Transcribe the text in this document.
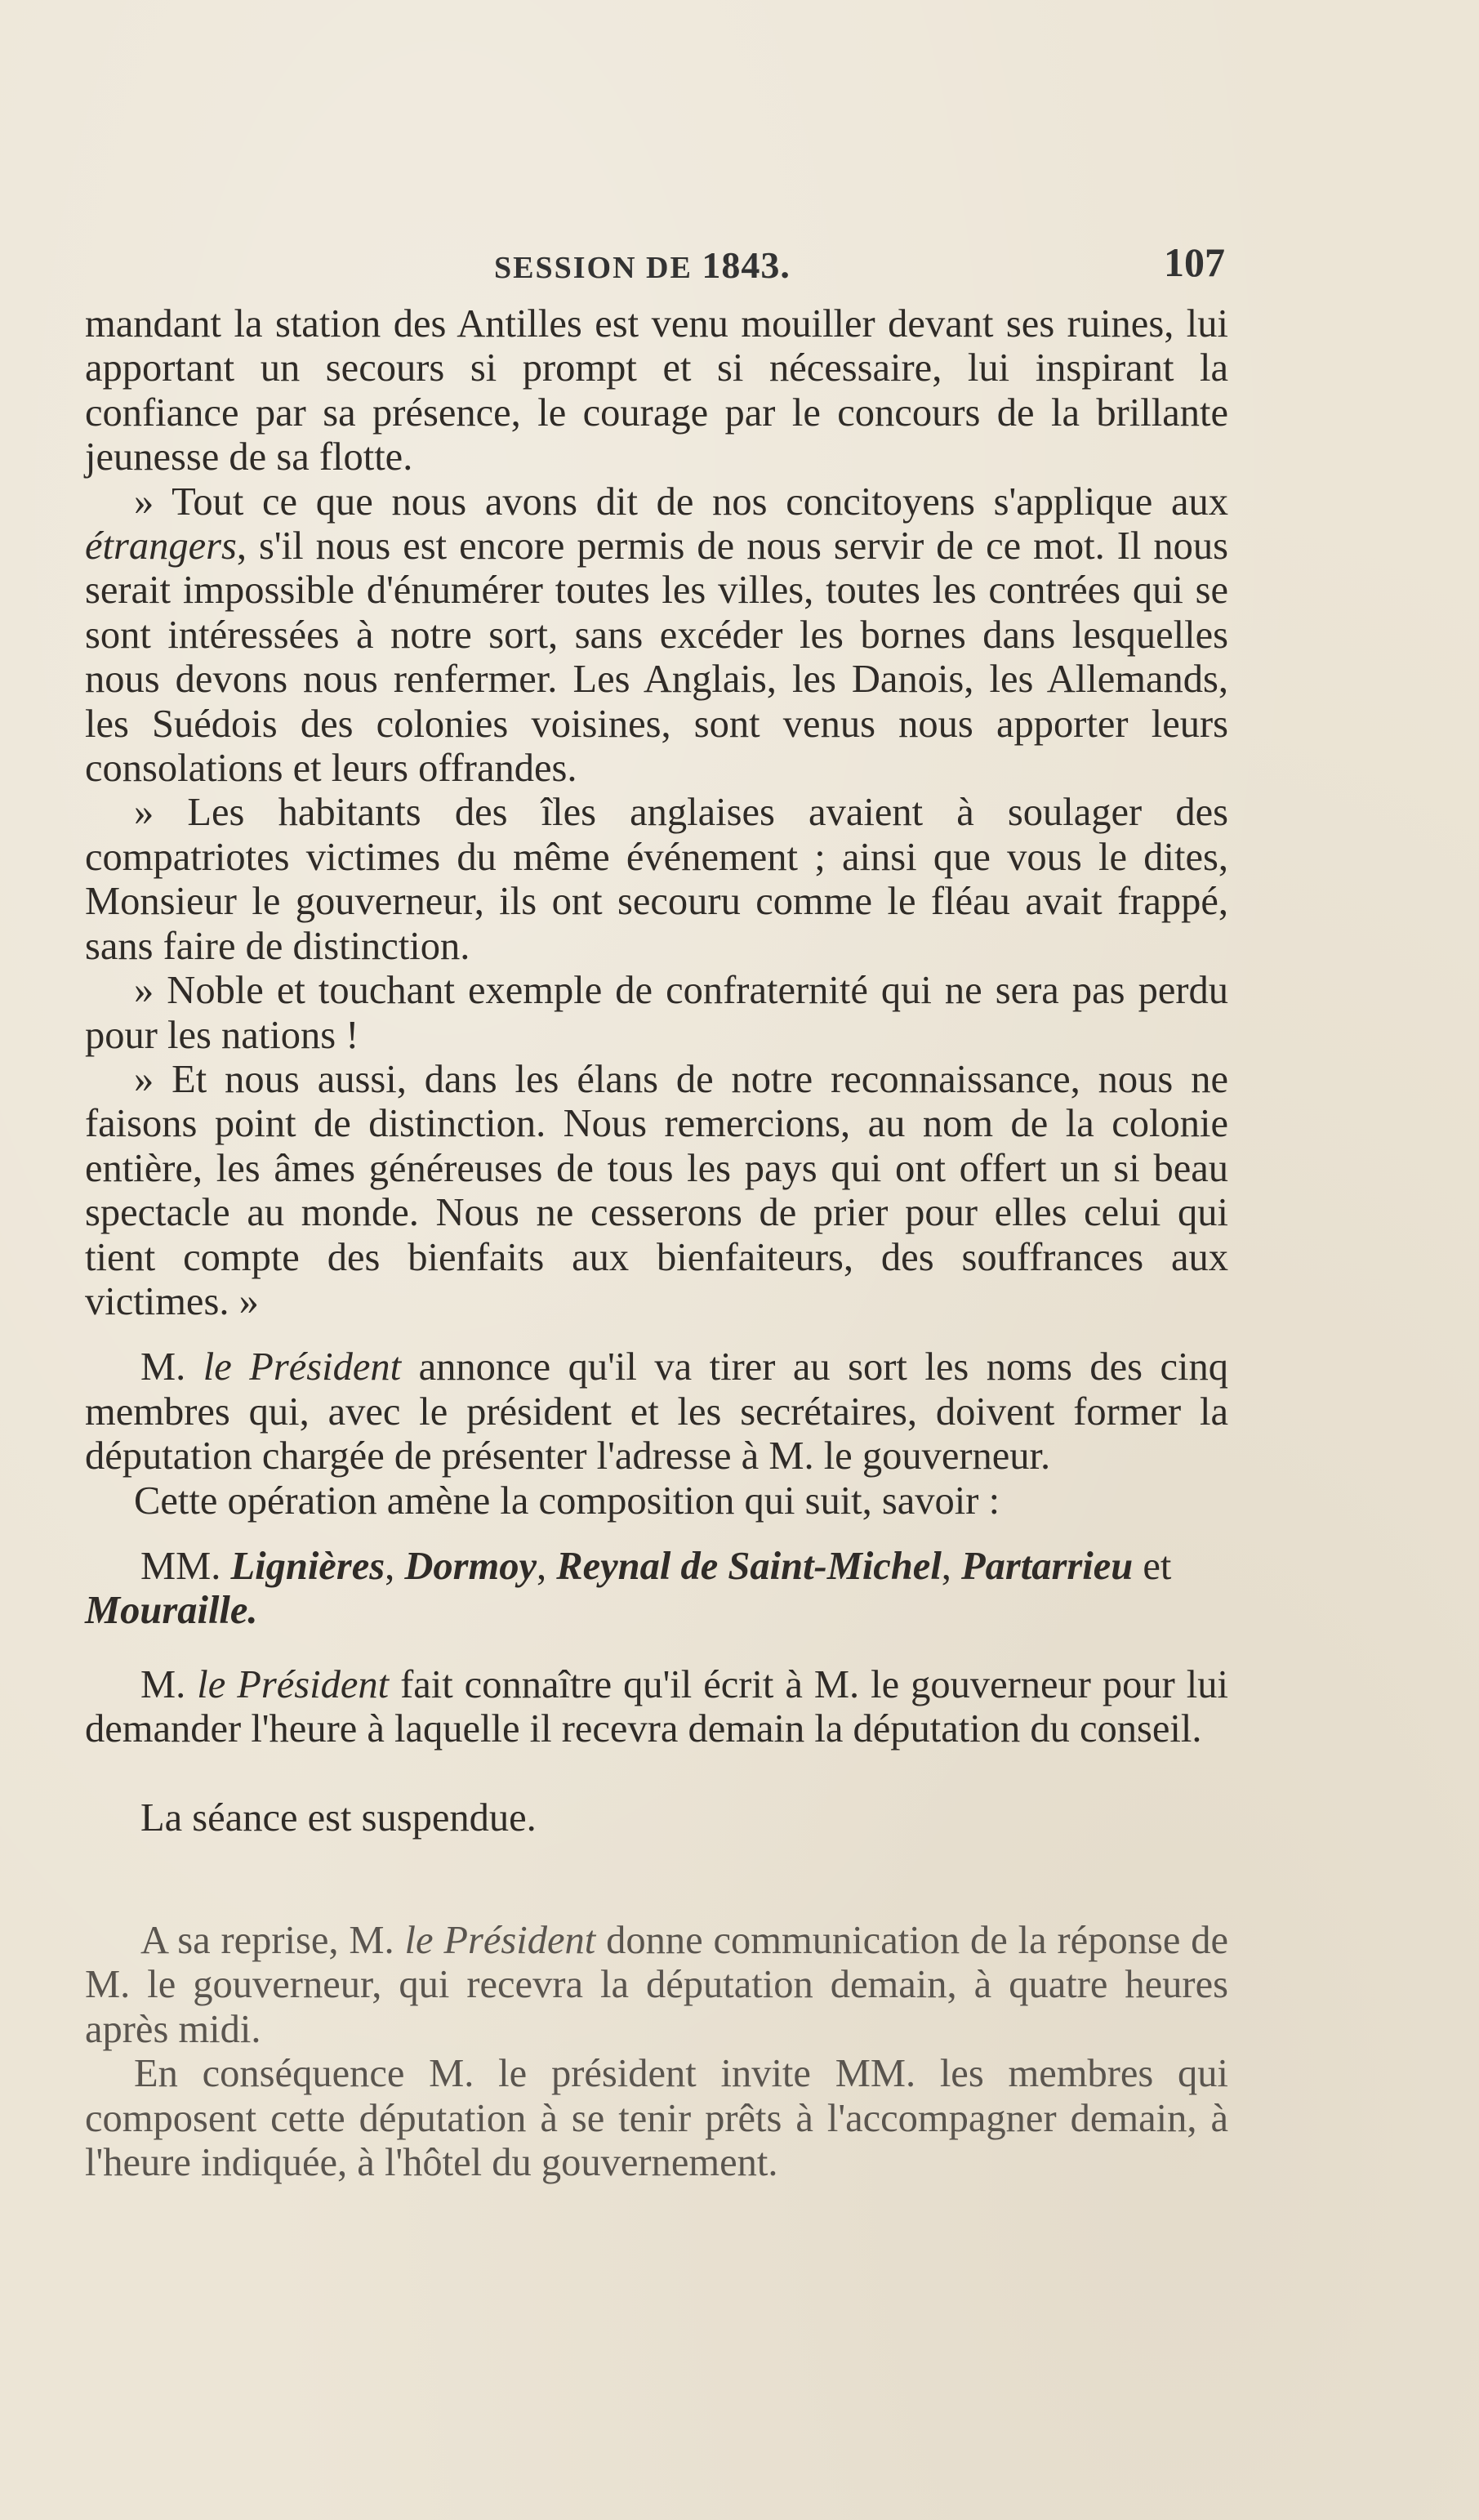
SESSION DE 1843.	107

mandant la station des Antilles est venu mouiller devant ses ruines, lui apportant un secours si prompt et si nécessaire, lui inspirant la confiance par sa présence, le courage par le concours de la brillante jeunesse de sa flotte.

» Tout ce que nous avons dit de nos concitoyens s'applique aux étrangers, s'il nous est encore permis de nous servir de ce mot. Il nous serait impossible d'énumérer toutes les villes, toutes les contrées qui se sont intéressées à notre sort, sans excéder les bornes dans lesquelles nous devons nous renfermer. Les Anglais, les Danois, les Allemands, les Suédois des colonies voisines, sont venus nous apporter leurs consolations et leurs offrandes.

» Les habitants des îles anglaises avaient à soulager des compatriotes victimes du même événement ; ainsi que vous le dites, Monsieur le gouverneur, ils ont secouru comme le fléau avait frappé, sans faire de distinction.

» Noble et touchant exemple de confraternité qui ne sera pas perdu pour les nations !

» Et nous aussi, dans les élans de notre reconnaissance, nous ne faisons point de distinction. Nous remercions, au nom de la colonie entière, les âmes généreuses de tous les pays qui ont offert un si beau spectacle au monde. Nous ne cesserons de prier pour elles celui qui tient compte des bienfaits aux bienfaiteurs, des souffrances aux victimes. »

M. le Président annonce qu'il va tirer au sort les noms des cinq membres qui, avec le président et les secrétaires, doivent former la députation chargée de présenter l'adresse à M. le gouverneur.

Cette opération amène la composition qui suit, savoir :

MM. Lignières, Dormoy, Reynal de Saint-Michel, Partarrieu et Mouraille.

M. le Président fait connaître qu'il écrit à M. le gouverneur pour lui demander l'heure à laquelle il recevra demain la députation du conseil.

La séance est suspendue.

A sa reprise, M. le Président donne communication de la réponse de M. le gouverneur, qui recevra la députation demain, à quatre heures après midi.

En conséquence M. le président invite MM. les membres qui composent cette députation à se tenir prêts à l'accompagner demain, à l'heure indiquée, à l'hôtel du gouvernement.
